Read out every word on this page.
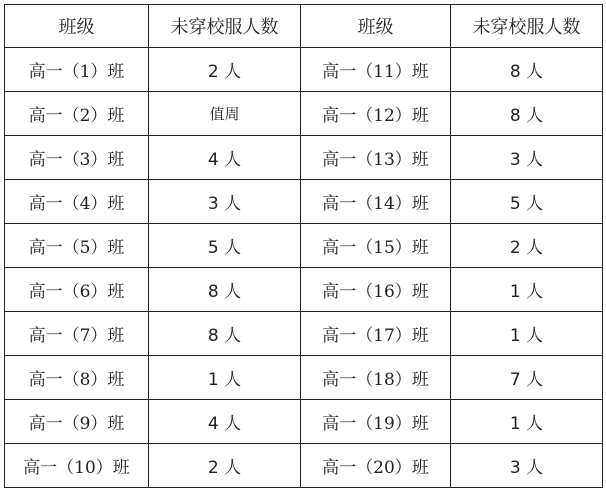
班级	未穿校服人数	班级	未穿校服人数
高一（1）班	2 人	高一（11）班	8 人
高一（2）班	值周	高一（12）班	8 人
高一（3）班	4 人	高一（13）班	3 人
高一（4）班	3 人	高一（14）班	5 人
高一（5）班	5 人	高一（15）班	2 人
高一（6）班	8 人	高一（16）班	1 人
高一（7）班	8 人	高一（17）班	1 人
高一（8）班	1 人	高一（18）班	7 人
高一（9）班	4 人	高一（19）班	1 人
高一（10）班	2 人	高一（20）班	3 人
